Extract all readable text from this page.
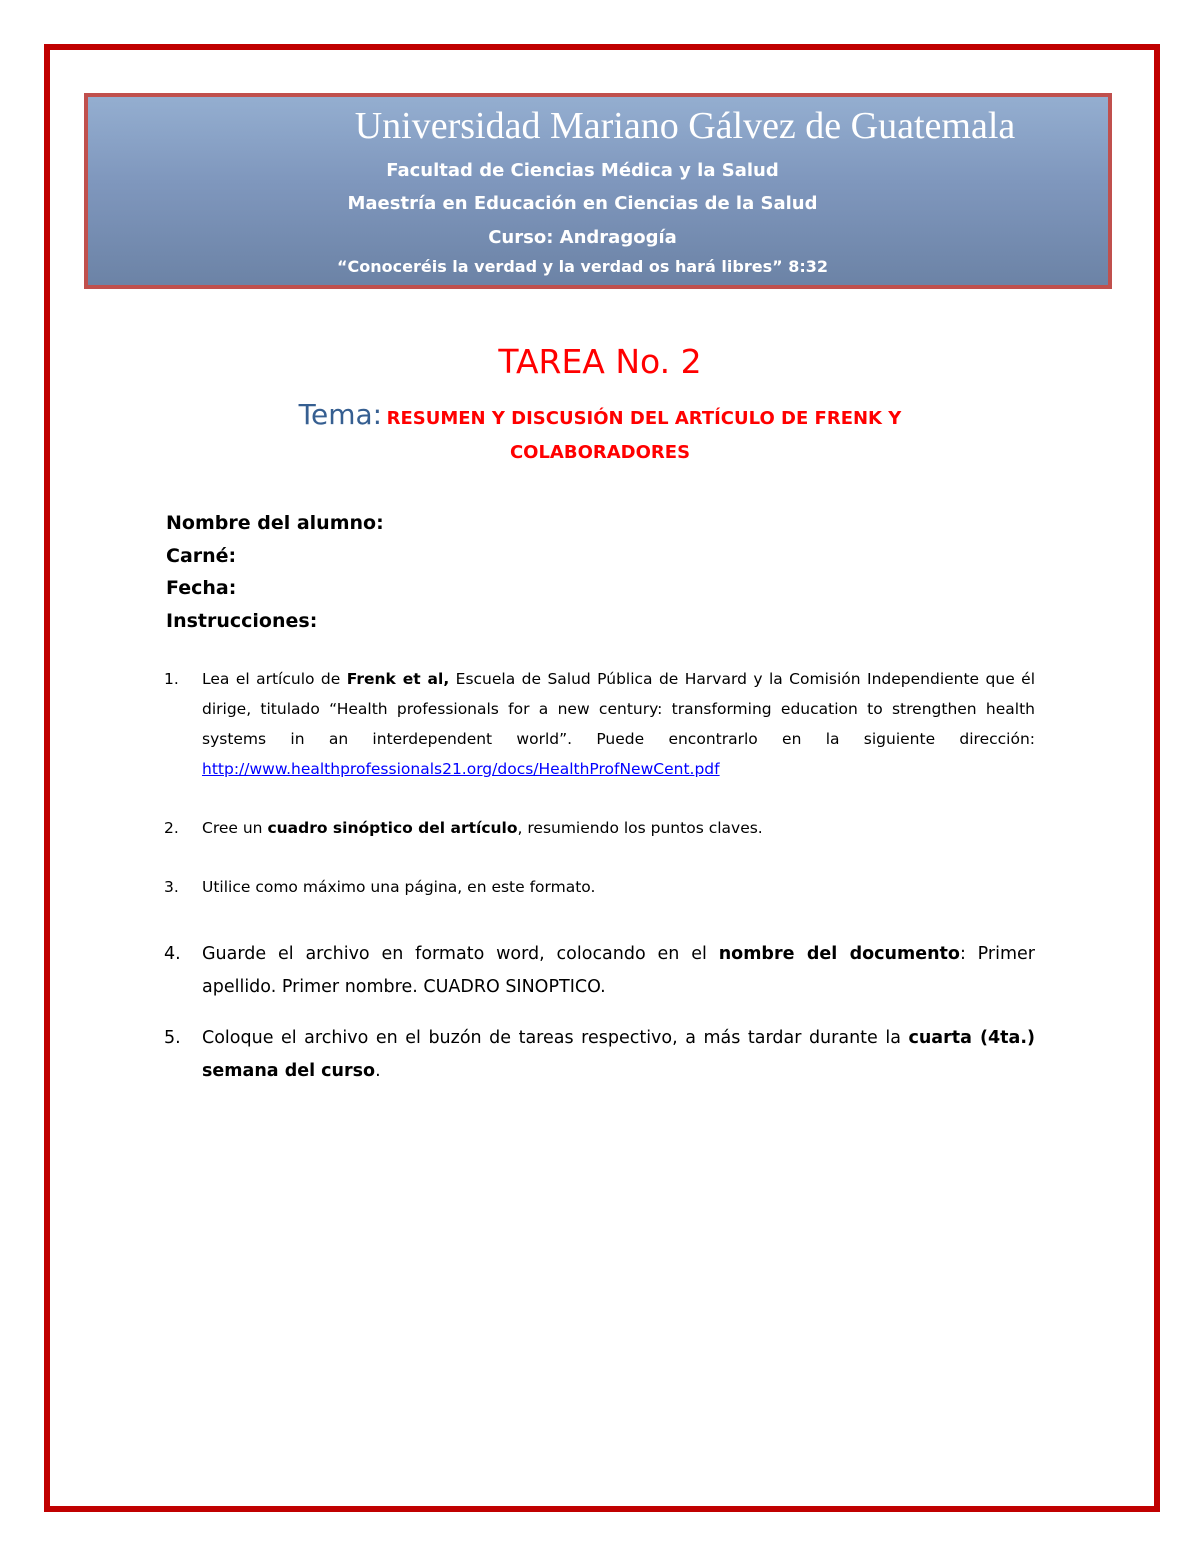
Universidad Mariano Gálvez de Guatemala
Facultad de Ciencias Médica y la Salud
Maestría en Educación en Ciencias de la Salud
Curso: Andragogía
“Conoceréis la verdad y la verdad os hará libres” 8:32
TAREA No. 2
Tema: RESUMEN Y DISCUSIÓN DEL ARTÍCULO DE FRENK Y
COLABORADORES
Nombre del alumno:
Carné:
Fecha:
Instrucciones:
1. Lea el artículo de Frenk et al, Escuela de Salud Pública de Harvard y la Comisión Independiente que él dirige, titulado “Health professionals for a new century: transforming education to strengthen health systems in an interdependent world”. Puede encontrarlo en la siguiente dirección: http://www.healthprofessionals21.org/docs/HealthProfNewCent.pdf
2. Cree un cuadro sinóptico del artículo, resumiendo los puntos claves.
3. Utilice como máximo una página, en este formato.
4. Guarde el archivo en formato word, colocando en el nombre del documento: Primer apellido. Primer nombre. CUADRO SINOPTICO.
5. Coloque el archivo en el buzón de tareas respectivo, a más tardar durante la cuarta (4ta.) semana del curso.
